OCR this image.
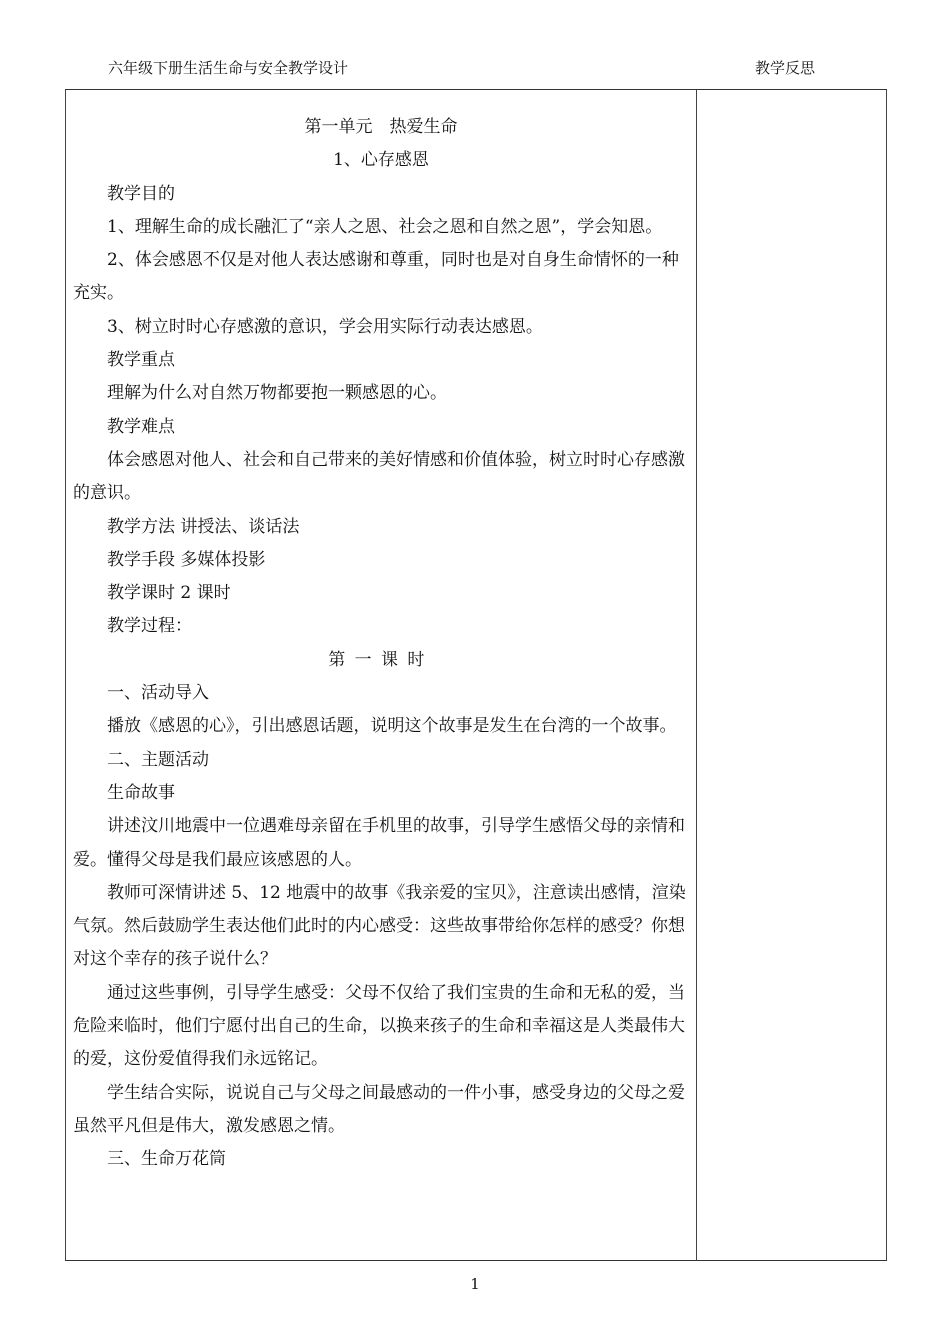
六年级下册生活生命与安全教学设计	教学反思

第一单元　热爱生命

1、心存感恩

教学目的

1、理解生命的成长融汇了“亲人之恩、社会之恩和自然之恩”，学会知恩。

2、体会感恩不仅是对他人表达感谢和尊重，同时也是对自身生命情怀的一种充实。

3、树立时时心存感激的意识，学会用实际行动表达感恩。

教学重点

理解为什么对自然万物都要抱一颗感恩的心。

教学难点

体会感恩对他人、社会和自己带来的美好情感和价值体验，树立时时心存感激的意识。

教学方法 讲授法、谈话法

教学手段 多媒体投影

教学课时 2 课时

教学过程：

第一课时

一、活动导入

播放《感恩的心》，引出感恩话题，说明这个故事是发生在台湾的一个故事。

二、主题活动

生命故事

讲述汶川地震中一位遇难母亲留在手机里的故事，引导学生感悟父母的亲情和爱。懂得父母是我们最应该感恩的人。

教师可深情讲述 5、12 地震中的故事《我亲爱的宝贝》，注意读出感情，渲染气氛。然后鼓励学生表达他们此时的内心感受：这些故事带给你怎样的感受？你想对这个幸存的孩子说什么？

通过这些事例，引导学生感受：父母不仅给了我们宝贵的生命和无私的爱，当危险来临时，他们宁愿付出自己的生命，以换来孩子的生命和幸福这是人类最伟大的爱，这份爱值得我们永远铭记。

学生结合实际，说说自己与父母之间最感动的一件小事，感受身边的父母之爱虽然平凡但是伟大，激发感恩之情。

三、生命万花筒

1
